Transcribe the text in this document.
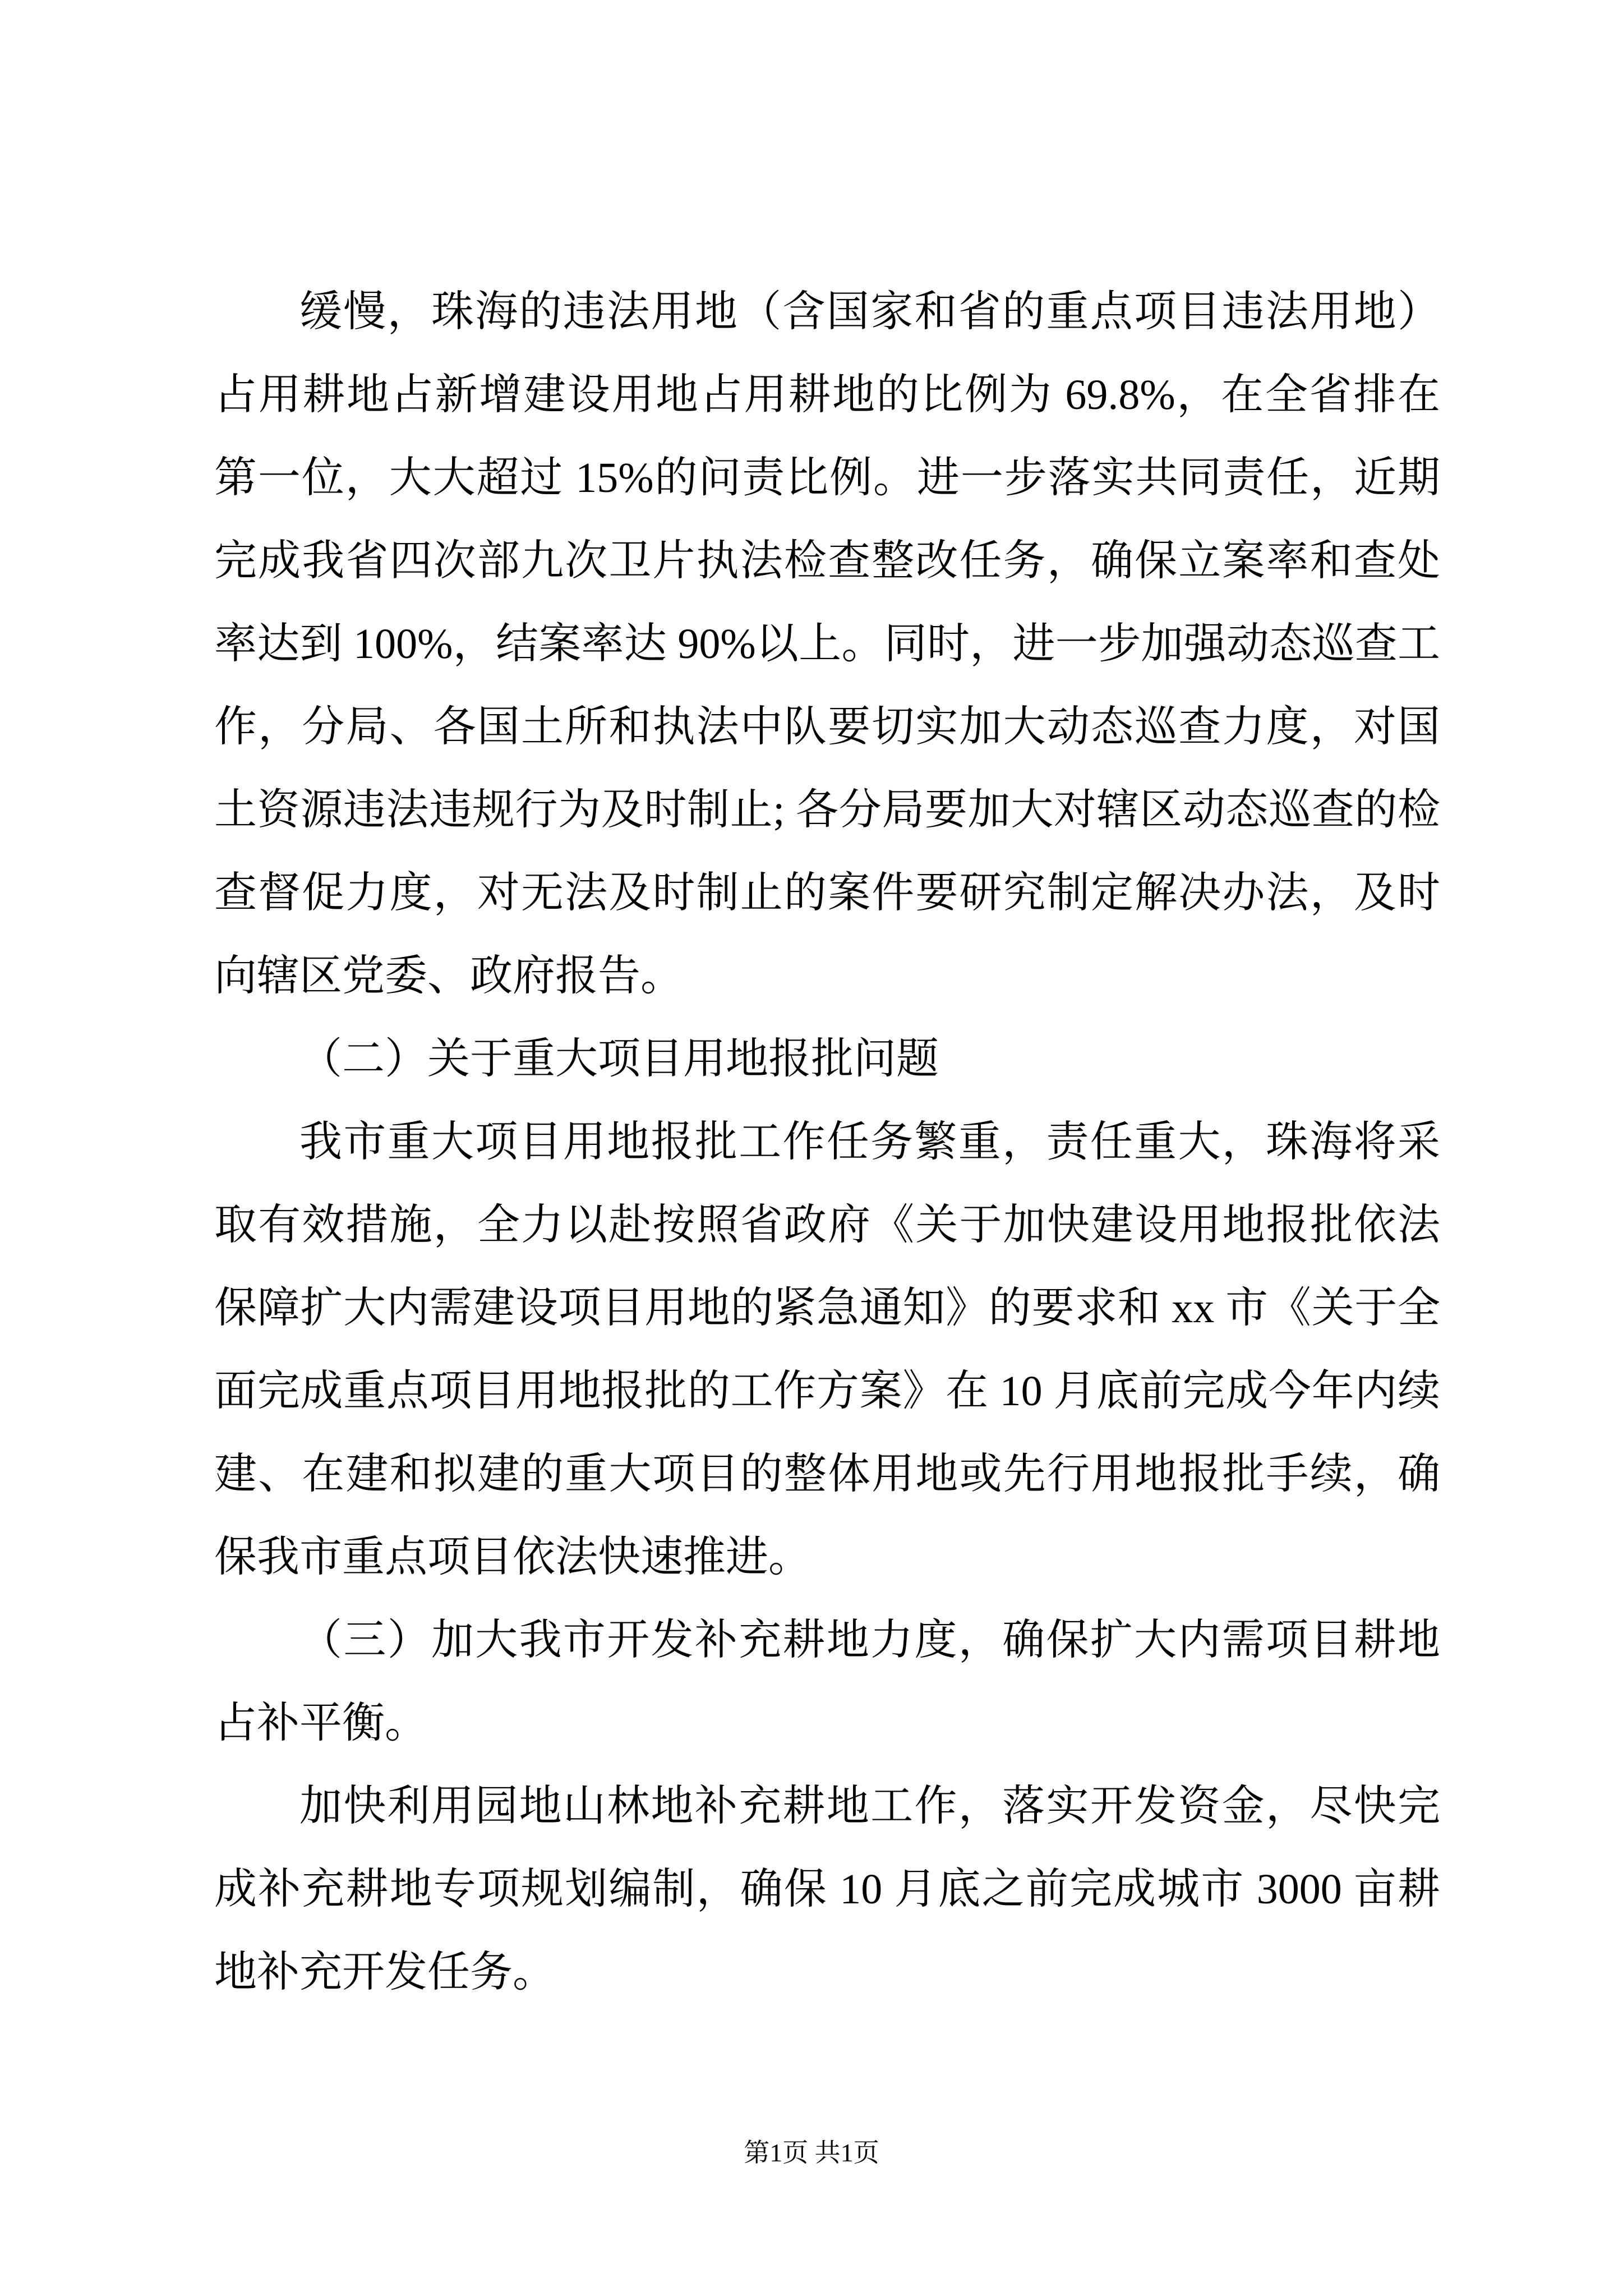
缓慢，珠海的违法用地（含国家和省的重点项目违法用地）占用耕地占新增建设用地占用耕地的比例为 69.8%，在全省排在第一位，大大超过 15%的问责比例。进一步落实共同责任，近期完成我省四次部九次卫片执法检查整改任务，确保立案率和查处率达到 100%，结案率达 90%以上。同时，进一步加强动态巡查工作，分局、各国土所和执法中队要切实加大动态巡查力度，对国土资源违法违规行为及时制止; 各分局要加大对辖区动态巡查的检查督促力度，对无法及时制止的案件要研究制定解决办法，及时向辖区党委、政府报告。

（二）关于重大项目用地报批问题

我市重大项目用地报批工作任务繁重，责任重大，珠海将采取有效措施，全力以赴按照省政府《关于加快建设用地报批依法保障扩大内需建设项目用地的紧急通知》的要求和 xx 市《关于全面完成重点项目用地报批的工作方案》在 10 月底前完成今年内续建、在建和拟建的重大项目的整体用地或先行用地报批手续，确保我市重点项目依法快速推进。

（三）加大我市开发补充耕地力度，确保扩大内需项目耕地占补平衡。

加快利用园地山林地补充耕地工作，落实开发资金，尽快完成补充耕地专项规划编制，确保 10 月底之前完成城市 3000 亩耕地补充开发任务。

第1页 共1页
